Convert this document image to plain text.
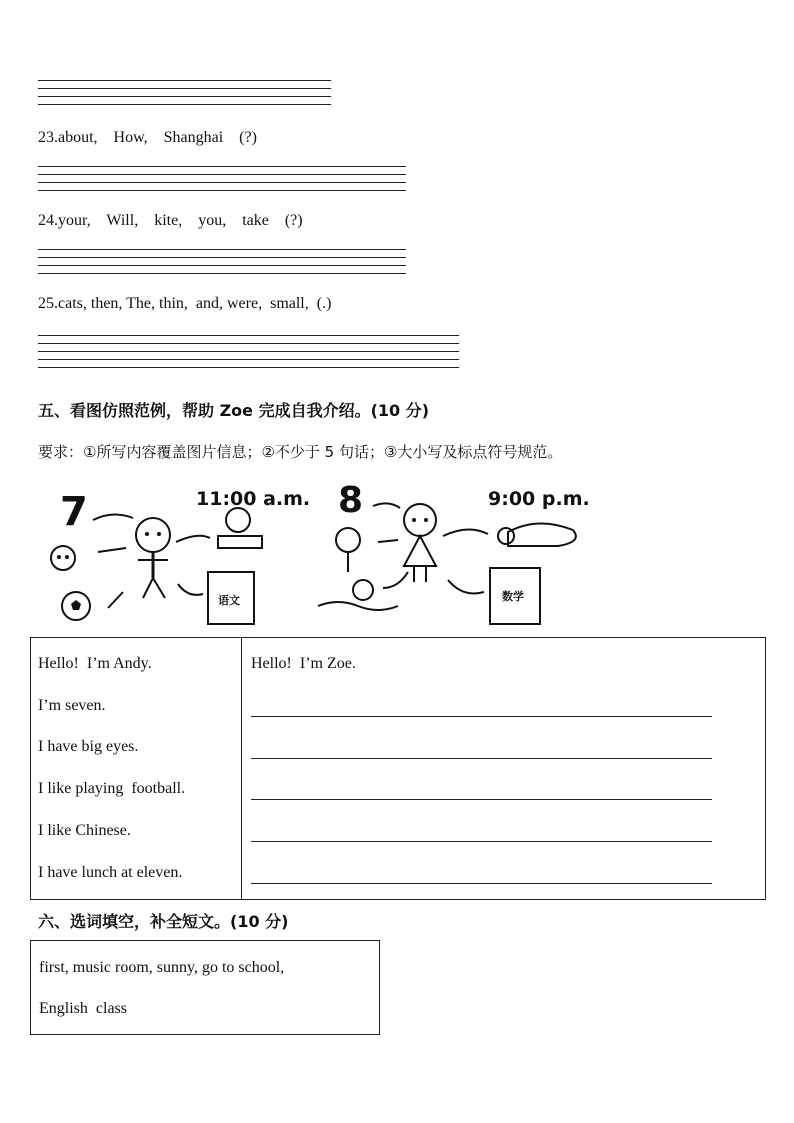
23.about,    How,    Shanghai    (?)
24.your,    Will,    kite,    you,    take    (?)
25.cats, then, The, thin,  and, were,  small,  (.)
五、看图仿照范例，帮助 Zoe 完成自我介绍。(10 分)
要求：①所写内容覆盖图片信息；②不少于 5 句话；③大小写及标点符号规范。
7	11:00 a.m.
语文
8	9:00 p.m.
数学
Hello!  I’m Andy.
I’m seven.
I have big eyes.
I like playing  football.
I like Chinese.
I have lunch at eleven.
Hello!  I’m Zoe.
六、选词填空，补全短文。(10 分)
first, music room, sunny, go to school,
English  class
